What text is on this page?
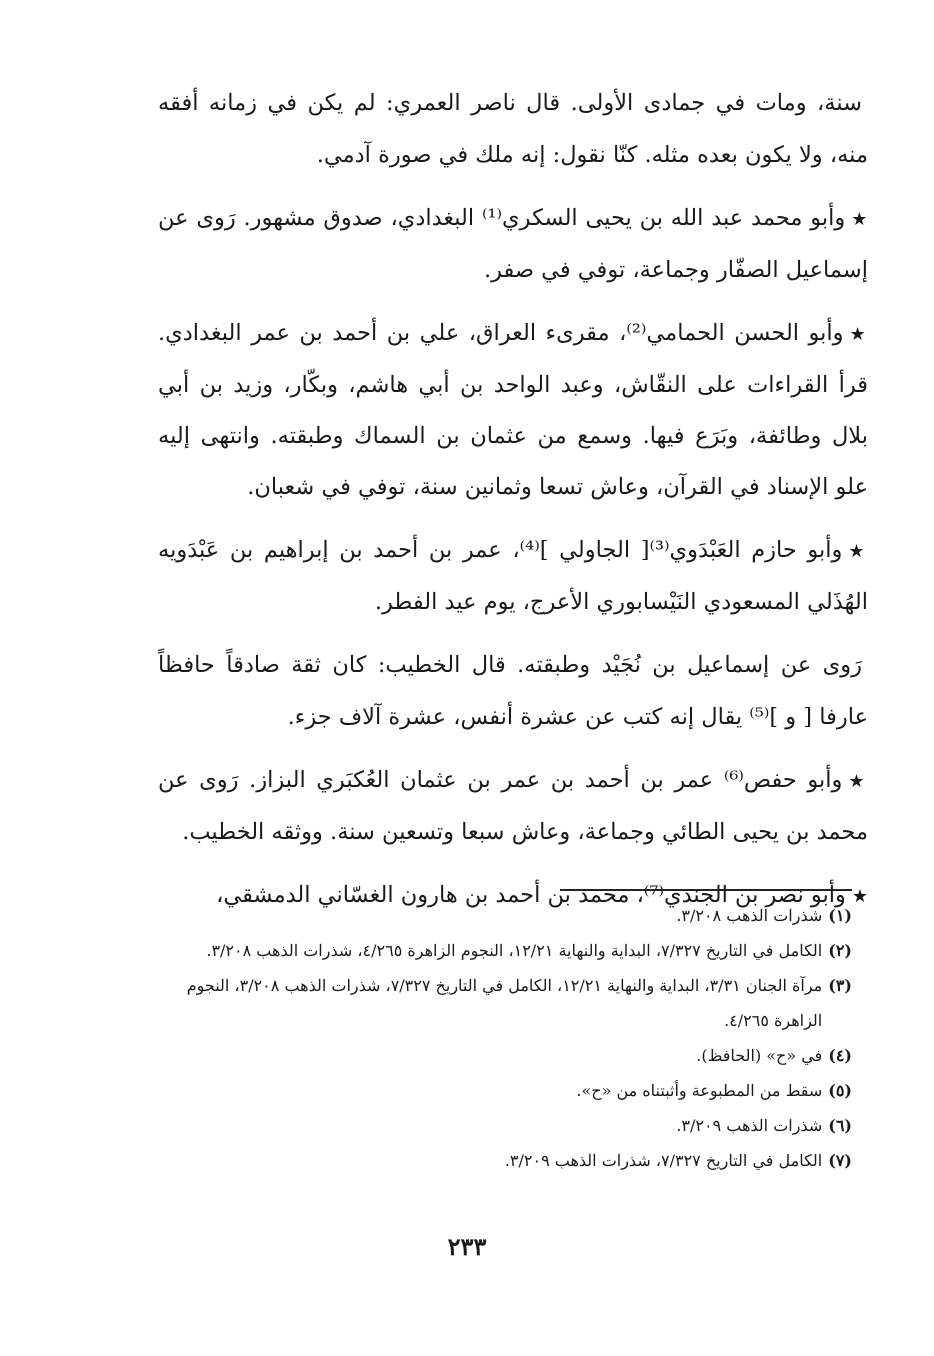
سنة، ومات في جمادى الأولى. قال ناصر العمري: لم يكن في زمانه أفقه منه، ولا يكون بعده مثله. كنّا نقول: إنه ملك في صورة آدمي.

★وأبو محمد عبد الله بن يحيى السكري⁽¹⁾ البغدادي، صدوق مشهور. رَوى عن إسماعيل الصفّار وجماعة، توفي في صفر.

★وأبو الحسن الحمامي⁽²⁾، مقرىء العراق، علي بن أحمد بن عمر البغدادي. قرأ القراءات على النقّاش، وعبد الواحد بن أبي هاشم، وبكّار، وزيد بن أبي بلال وطائفة، وبَرَع فيها. وسمع من عثمان بن السماك وطبقته. وانتهى إليه علو الإسناد في القرآن، وعاش تسعا وثمانين سنة، توفي في شعبان.

★وأبو حازم العَبْدَوي⁽³⁾[ الجاولي ]⁽⁴⁾، عمر بن أحمد بن إبراهيم بن عَبْدَويه الهُذَلي المسعودي النَيْسابوري الأعرج، يوم عيد الفطر.

رَوى عن إسماعيل بن نُجَيْد وطبقته. قال الخطيب: كان ثقة صادقاً حافظاً عارفا [ و ]⁽⁵⁾ يقال إنه كتب عن عشرة أنفس، عشرة آلاف جزء.

★وأبو حفص⁽⁶⁾ عمر بن أحمد بن عمر بن عثمان العُكبَري البزاز. رَوى عن محمد بن يحيى الطائي وجماعة، وعاش سبعا وتسعين سنة. ووثقه الخطيب.

★وأبو نصر بن الجندي⁽⁷⁾، محمد بن أحمد بن هارون الغسّاني الدمشقي،

(١)
شذرات الذهب ٣/٢٠٨.
(٢)
الكامل في التاريخ ٧/٣٢٧، البداية والنهاية ١٢/٢١، النجوم الزاهرة ٤/٢٦٥، شذرات الذهب ٣/٢٠٨.
(٣)
مرآة الجنان ٣/٣١، البداية والنهاية ١٢/٢١، الكامل في التاريخ ٧/٣٢٧، شذرات الذهب ٣/٢٠٨، النجوم الزاهرة ٤/٢٦٥.
(٤)
في «ح» (الحافظ).
(٥)
سقط من المطبوعة وأثبتناه من «ح».
(٦)
شذرات الذهب ٣/٢٠٩.
(٧)
الكامل في التاريخ ٧/٣٢٧، شذرات الذهب ٣/٢٠٩.
٢٣٣
